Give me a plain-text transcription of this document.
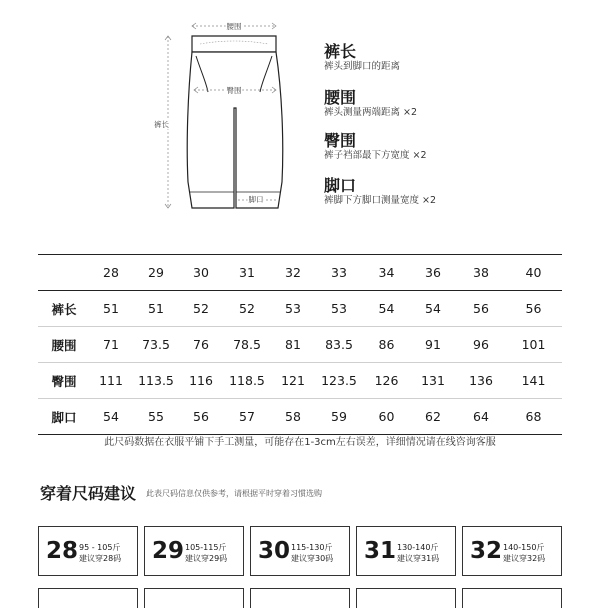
腰围
臀围
裤长
脚口
裤长
裤头到脚口的距离
腰围
裤头测量两端距离 ×2
臀围
裤子裆部最下方宽度 ×2
脚口
裤脚下方脚口测量宽度 ×2
	28	29	30	31	32	33	34	36	38	40
裤长	51	51	52	52	53	53	54	54	56	56
腰围	71	73.5	76	78.5	81	83.5	86	91	96	101
臀围	111	113.5	116	118.5	121	123.5	126	131	136	141
脚口	54	55	56	57	58	59	60	62	64	68
此尺码数据在衣服平铺下手工测量，可能存在1-3cm左右误差，详细情况请在线咨询客服
穿着尺码建议 此表尺码信息仅供参考，请根据平时穿着习惯选购
28 95 - 105斤
建议穿28码 29 105-115斤
建议穿29码 30 115-130斤
建议穿30码 31 130-140斤
建议穿31码 32 140-150斤
建议穿32码
